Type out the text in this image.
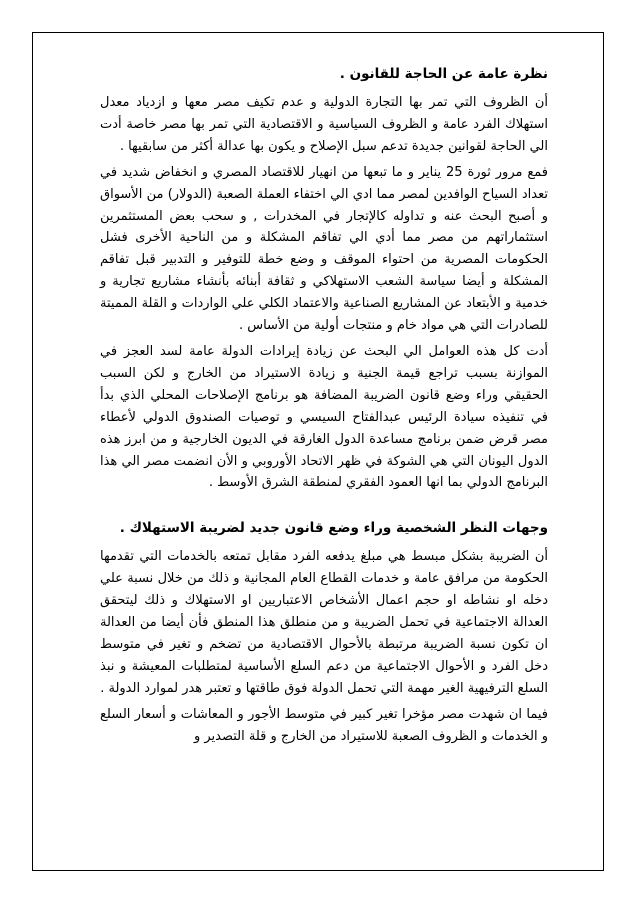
نظرة عامة عن الحاجة للقانون .

أن الظروف التي تمر بها التجارة الدولية و عدم تكيف مصر معها و ازدياد معدل استهلاك الفرد عامة و الظروف السياسية و الاقتصادية التي تمر بها مصر خاصة أدت الي الحاجة لقوانين جديدة تدعم سبل الإصلاح و يكون بها عدالة أكثر من سابقيها .

فمع مرور ثورة 25 يناير و ما تبعها من انهيار للاقتصاد المصري و انخفاض شديد في تعداد السياح الوافدين لمصر مما ادي الي اختفاء العملة الصعبة (الدولار) من الأسواق و أصبح البحث عنه و تداوله كالإتجار في المخدرات , و سحب بعض المستثمرين استثماراتهم من مصر مما أدي الي تفاقم المشكلة و من الناحية الأخرى فشل الحكومات المصرية من احتواء الموقف و وضع خطة للتوفير و التدبير قبل تفاقم المشكلة و أيضا سياسة الشعب الاستهلاكي و ثقافة أبنائه بأنشاء مشاريع تجارية و خدمية و الأبتعاد عن المشاريع الصناعية والاعتماد الكلي علي الواردات و القلة المميتة للصادرات التي هي مواد خام و منتجات أولية من الأساس .

أدت كل هذه العوامل الي البحث عن زيادة إيرادات الدولة عامة لسد العجز في الموازنة بسبب تراجع قيمة الجنية و زيادة الاستيراد من الخارج و لكن السبب الحقيقي وراء وضع قانون الضريبة المضافة هو برنامج الإصلاحات المحلي الذي بدأ في تنفيذه سيادة الرئيس عبدالفتاح السيسي و توصيات الصندوق الدولي لأعطاء مصر قرض ضمن برنامج مساعدة الدول الغارقة في الديون الخارجية و من ابرز هذه الدول اليونان التي هي الشوكة في ظهر الاتحاد الأوروبي و الأن انضمت مصر الي هذا البرنامج الدولي بما انها العمود الفقري لمنطقة الشرق الأوسط .

وجهات النظر الشخصية وراء وضع قانون جديد لضريبة الاستهلاك .

أن الضريبة بشكل مبسط هي مبلغ يدفعه الفرد مقابل تمتعه بالخدمات التي تقدمها الحكومة من مرافق عامة و خدمات القطاع العام المجانية و ذلك من خلال نسبة علي دخله او نشاطه او حجم اعمال الأشخاص الاعتباريين او الاستهلاك و ذلك ليتحقق العدالة الاجتماعية في تحمل الضريبة و من منطلق هذا المنطق فأن أيضا من العدالة ان تكون نسبة الضريبة مرتبطة بالأحوال الاقتصادية من تضخم و تغير في متوسط دخل الفرد و الأحوال الاجتماعية من دعم السلع الأساسية لمتطلبات المعيشة و نبذ السلع الترفيهية الغير مهمة التي تحمل الدولة فوق طاقتها و تعتبر هدر لموارد الدولة .

فيما ان شهدت مصر مؤخرا تغير كبير في متوسط الأجور و المعاشات و أسعار السلع و الخدمات و الظروف الصعبة للاستيراد من الخارج و قلة التصدير و
